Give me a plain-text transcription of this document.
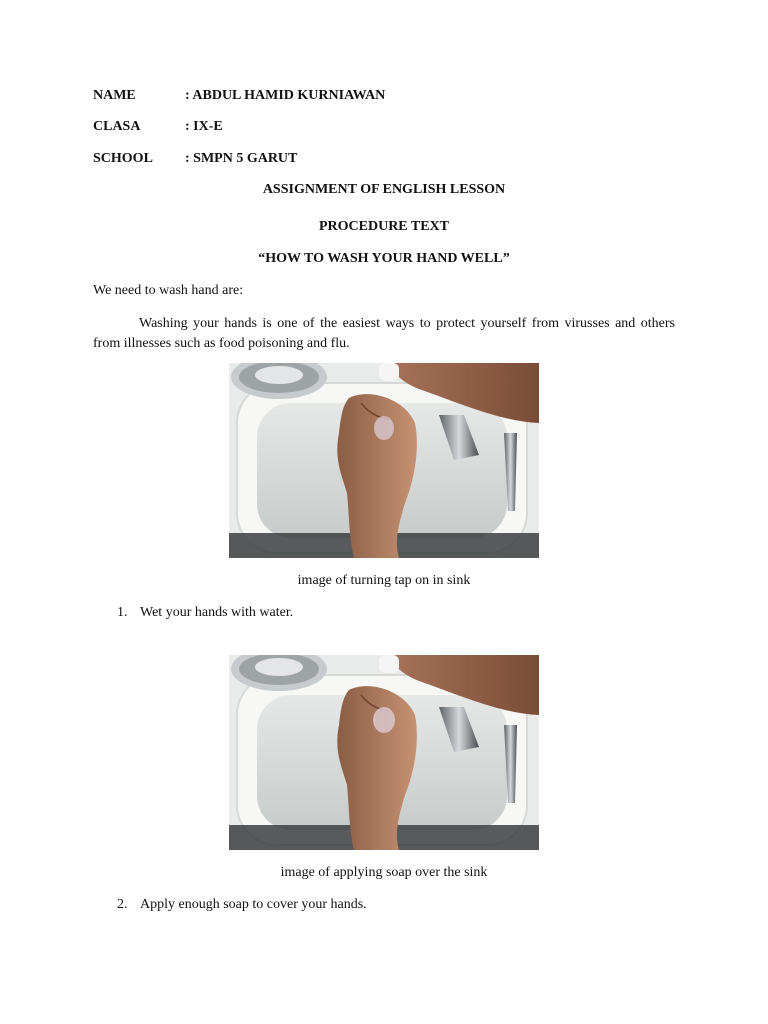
NAME	: ABDUL HAMID KURNIAWAN
CLASA	: IX-E
SCHOOL : SMPN 5 GARUT
ASSIGNMENT OF ENGLISH LESSON
PROCEDURE TEXT
“HOW TO WASH YOUR HAND WELL”
We need to wash hand are:
Washing your hands is one of the easiest ways to protect yourself from virusses and others from illnesses such as food poisoning and flu.
image of turning tap on in sink
1. Wet your hands with water.
image of applying soap over the sink
2. Apply enough soap to cover your hands.
